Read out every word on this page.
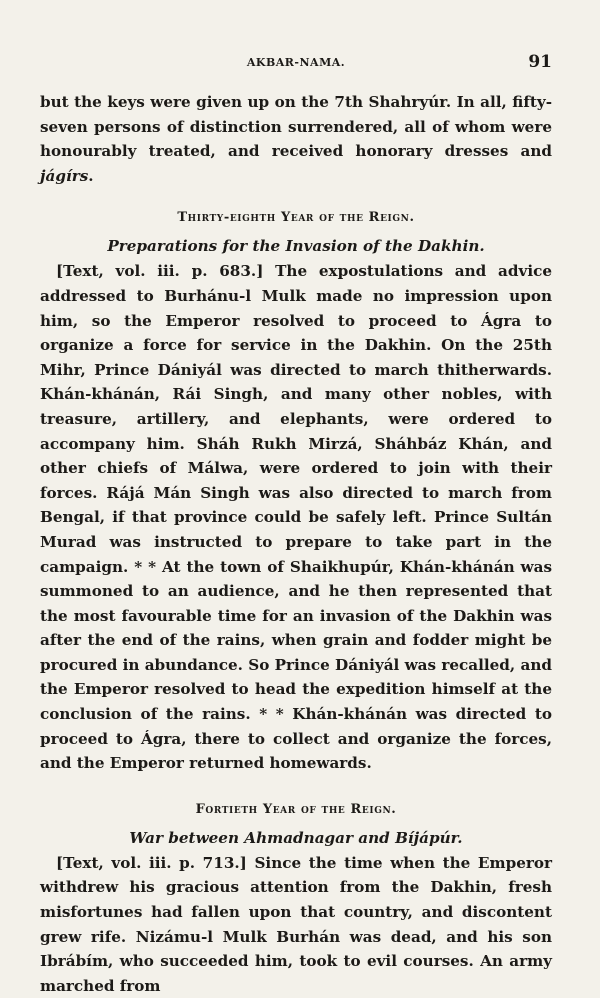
AKBAR-NAMA.	91

but the keys were given up on the 7th Shahryúr. In all, fifty-seven persons of distinction surrendered, all of whom were honourably treated, and received honorary dresses and jágírs.

Thirty-eighth Year of the Reign.

Preparations for the Invasion of the Dakhin.

[Text, vol. iii. p. 683.] The expostulations and advice addressed to Burhánu-l Mulk made no impression upon him, so the Emperor resolved to proceed to Ágra to organize a force for service in the Dakhin. On the 25th Mihr, Prince Dániyál was directed to march thitherwards. Khán-khánán, Rái Singh, and many other nobles, with treasure, artillery, and elephants, were ordered to accompany him. Sháh Rukh Mirzá, Sháhbáz Khán, and other chiefs of Málwa, were ordered to join with their forces. Rájá Mán Singh was also directed to march from Bengal, if that province could be safely left. Prince Sultán Murad was instructed to prepare to take part in the campaign. * * At the town of Shaikhupúr, Khán-khánán was summoned to an audience, and he then represented that the most favourable time for an invasion of the Dakhin was after the end of the rains, when grain and fodder might be procured in abundance. So Prince Dániyál was recalled, and the Emperor resolved to head the expedition himself at the conclusion of the rains. * * Khán-khánán was directed to proceed to Ágra, there to collect and organize the forces, and the Emperor returned homewards.

Fortieth Year of the Reign.

War between Ahmadnagar and Bíjápúr.

[Text, vol. iii. p. 713.] Since the time when the Emperor withdrew his gracious attention from the Dakhin, fresh misfortunes had fallen upon that country, and discontent grew rife. Nizámu-l Mulk Burhán was dead, and his son Ibrábím, who succeeded him, took to evil courses. An army marched from
